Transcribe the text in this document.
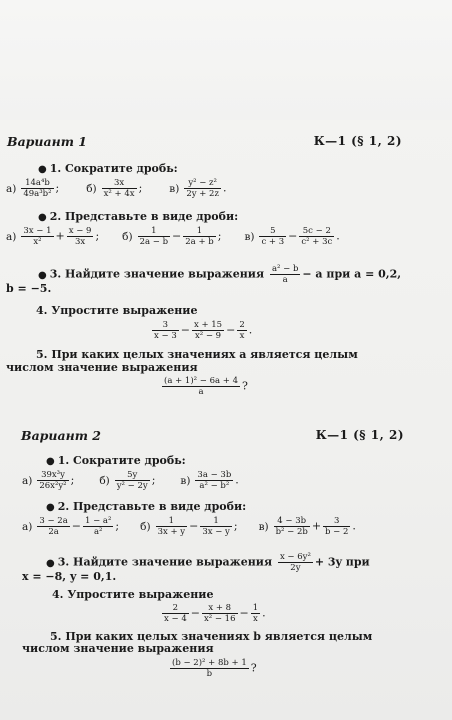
Вариант 1	К—1 (§ 1, 2)
● 1. Сократите дробь:
$а) \frac{\text{14a⁴b}}{\text{49a³b²}}$ ;	$б) \frac{3x}{\text{x² + 4x}}$ ;	$в) \frac{\text{y² − z²}}{2y + 2z}$ .
● 2. Представьте в виде дроби:
$а) \frac{3x - 1}{\text{x²}} + \frac{x - 9}{3x}$ ; $б) \frac{1}{2a - b} - \frac{1}{2a + b}$ ; $в) \frac{5}{c + 3} - \frac{5c - 2}{\text{c² + 3c}}$ .
● 3. Найдите значение выражения $\frac{\text{a² − b}}{a} - a$ при a = 0,2,
b = −5.
4. Упростите выражение
$\frac{3}{x - 3} - \frac{x + 15}{\text{x² − 9}} - \frac{2}{x}$ .
5. При каких целых значениях a является целым
числом значение выражения
$\frac{\text{(a + 1)² − 6a + 4}}{a}$ ?
Вариант 2	К—1 (§ 1, 2)
● 1. Сократите дробь:
$а) \frac{\text{39x³y}}{\text{26x²y²}}$ ; $б) \frac{5y}{\text{y² − 2y}}$ ; $в) \frac{3a - 3b}{\text{a² − b²}}$ .
● 2. Представьте в виде дроби:
$а) \frac{3 - 2a}{2a} - \frac{\text{1 − a²}}{\text{a²}}$ ; $б) \frac{1}{3x + y} - \frac{1}{3x - y}$ ; $в) \frac{4 - 3b}{\text{b² − 2b}} + \frac{3}{b - 2}$ .
● 3. Найдите значение выражения $\frac{\text{x − 6y²}}{2y} + 3y$ при
x = −8, y = 0,1.
4. Упростите выражение
$\frac{2}{x - 4} - \frac{x + 8}{\text{x² − 16}} - \frac{1}{x}$ .
5. При каких целых значениях b является целым
числом значение выражения
$\frac{\text{(b − 2)² + 8b + 1}}{b}$ ?
